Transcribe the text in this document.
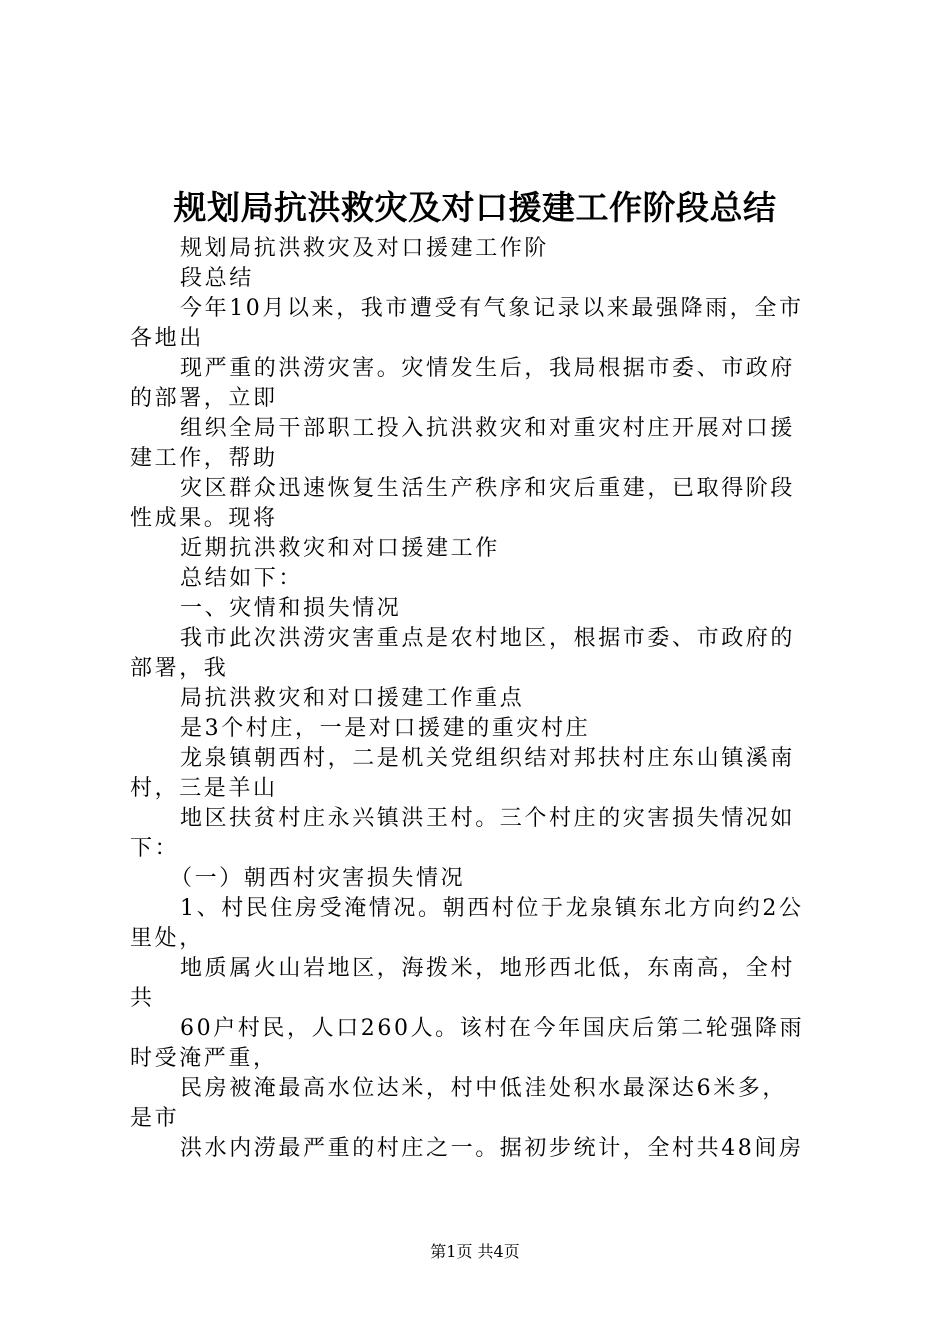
规划局抗洪救灾及对口援建工作阶段总结
规划局抗洪救灾及对口援建工作阶
段总结
今年10月以来，我市遭受有气象记录以来最强降雨，全市
各地出
现严重的洪涝灾害。灾情发生后，我局根据市委、市政府
的部署，立即
组织全局干部职工投入抗洪救灾和对重灾村庄开展对口援
建工作，帮助
灾区群众迅速恢复生活生产秩序和灾后重建，已取得阶段
性成果。现将
近期抗洪救灾和对口援建工作
总结如下：
一、灾情和损失情况
我市此次洪涝灾害重点是农村地区，根据市委、市政府的
部署，我
局抗洪救灾和对口援建工作重点
是3个村庄，一是对口援建的重灾村庄
龙泉镇朝西村，二是机关党组织结对邦扶村庄东山镇溪南
村，三是羊山
地区扶贫村庄永兴镇洪王村。三个村庄的灾害损失情况如
下：
（一）朝西村灾害损失情况
1、村民住房受淹情况。朝西村位于龙泉镇东北方向约2公
里处，
地质属火山岩地区，海拨米，地形西北低，东南高，全村
共
60户村民，人口260人。该村在今年国庆后第二轮强降雨
时受淹严重，
民房被淹最高水位达米，村中低洼处积水最深达6米多，
是市
洪水内涝最严重的村庄之一。据初步统计，全村共48间房
第1页 共4页
